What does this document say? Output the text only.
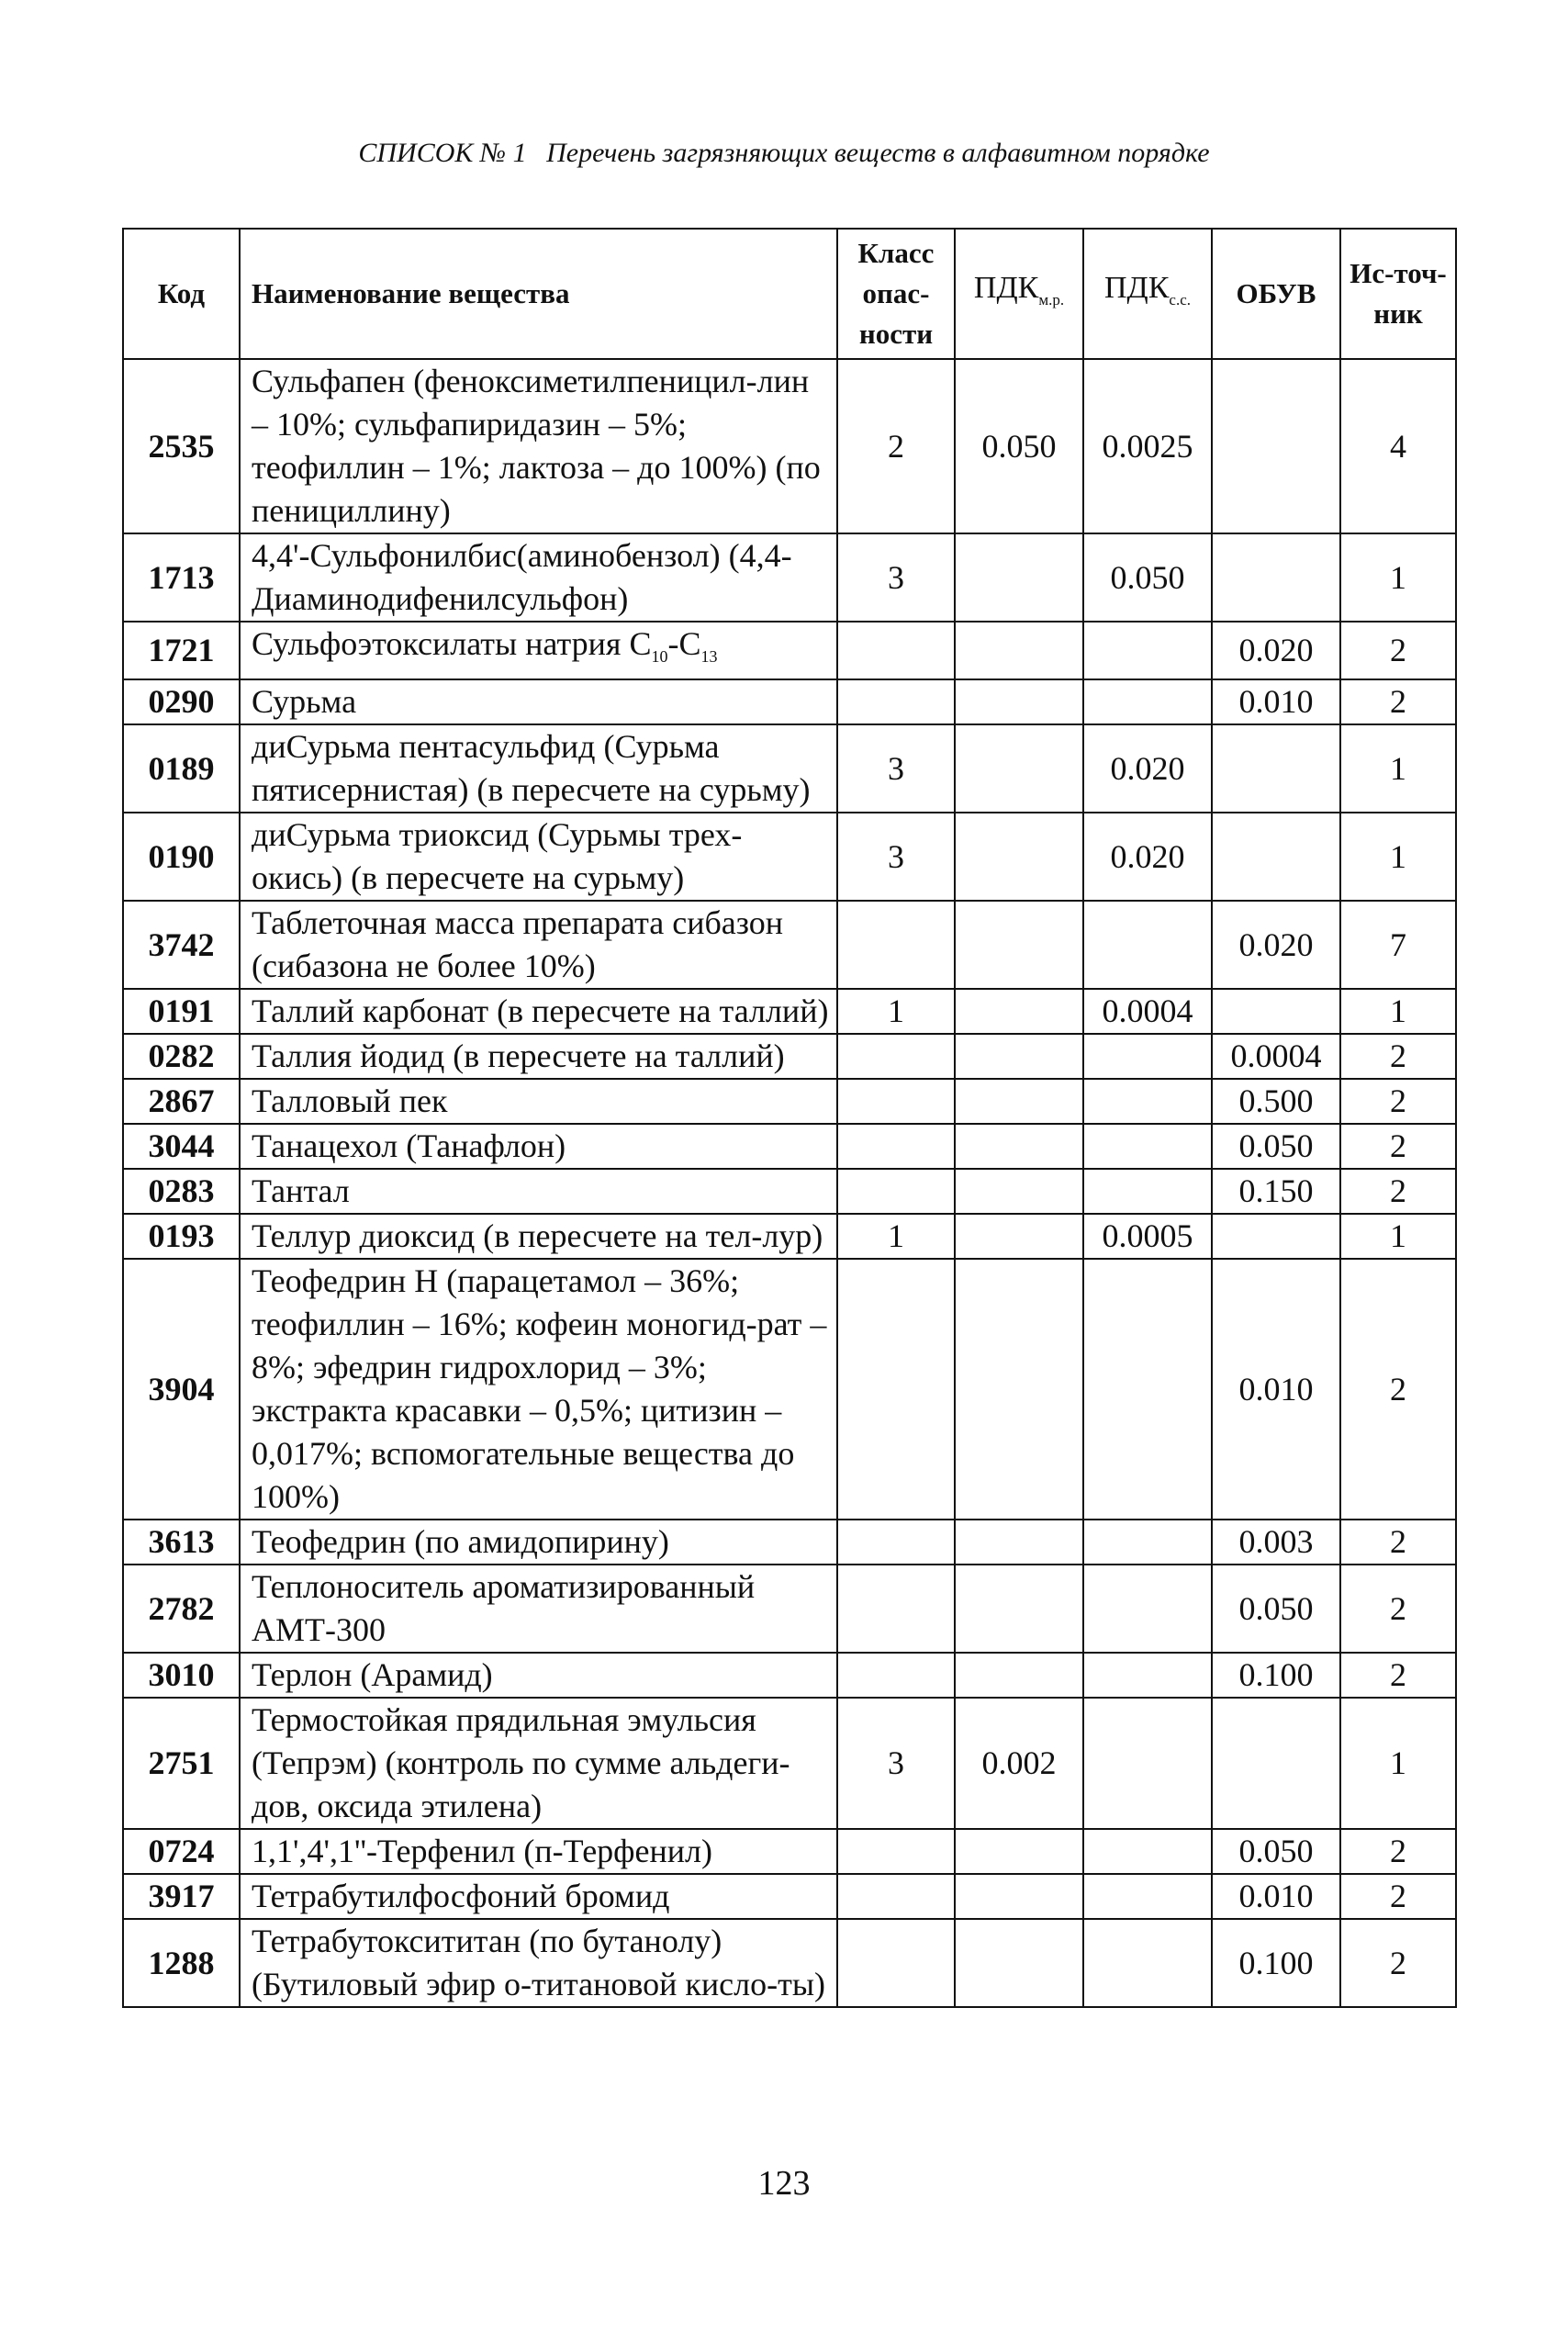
СПИСОК № 1 Перечень загрязняющих веществ в алфавитном порядке
Код	Наименование вещества	Класс опас-ности	$ПДК_{м.р.}$	$ПДК_{с.с.}$	ОБУВ	Ис-точ-ник
2535	Сульфапен (феноксиметилпеницил-лин – 10%; сульфапиридазин – 5%; теофиллин – 1%; лактоза – до 100%) (по пенициллину)	2	0.050	0.0025		4
1713	4,4'-Сульфонилбис(аминобензол) (4,4-Диаминодифенилсульфон)	3		0.050		1
1721	Сульфоэтоксилаты натрия $C_{10}-C_{13}$				0.020	2
0290	Сурьма				0.010	2
0189	диСурьма пентасульфид (Сурьма пятисернистая) (в пересчете на сурьму)	3		0.020		1
0190	диСурьма триоксид (Сурьмы трех-окись) (в пересчете на сурьму)	3		0.020		1
3742	Таблеточная масса препарата сибазон (сибазона не более 10%)				0.020	7
0191	Таллий карбонат (в пересчете на таллий)	1		0.0004		1
0282	Таллия йодид (в пересчете на таллий)				0.0004	2
2867	Талловый пек				0.500	2
3044	Танацехол (Танафлон)				0.050	2
0283	Тантал				0.150	2
0193	Теллур диоксид (в пересчете на тел-лур)	1		0.0005		1
3904	Теофедрин Н (парацетамол – 36%; теофиллин – 16%; кофеин моногид-рат – 8%; эфедрин гидрохлорид – 3%; экстракта красавки – 0,5%; цитизин – 0,017%; вспомогательные вещества до 100%)				0.010	2
3613	Теофедрин (по амидопирину)				0.003	2
2782	Теплоноситель ароматизированный АМТ-300				0.050	2
3010	Терлон (Арамид)				0.100	2
2751	Термостойкая прядильная эмульсия (Тепрэм) (контроль по сумме альдеги-дов, оксида этилена)	3	0.002			1
0724	1,1',4',1''-Терфенил (п-Терфенил)				0.050	2
3917	Тетрабутилфосфоний бромид				0.010	2
1288	Тетрабутоксититан (по бутанолу) (Бутиловый эфир о-титановой кисло-ты)				0.100	2
123
